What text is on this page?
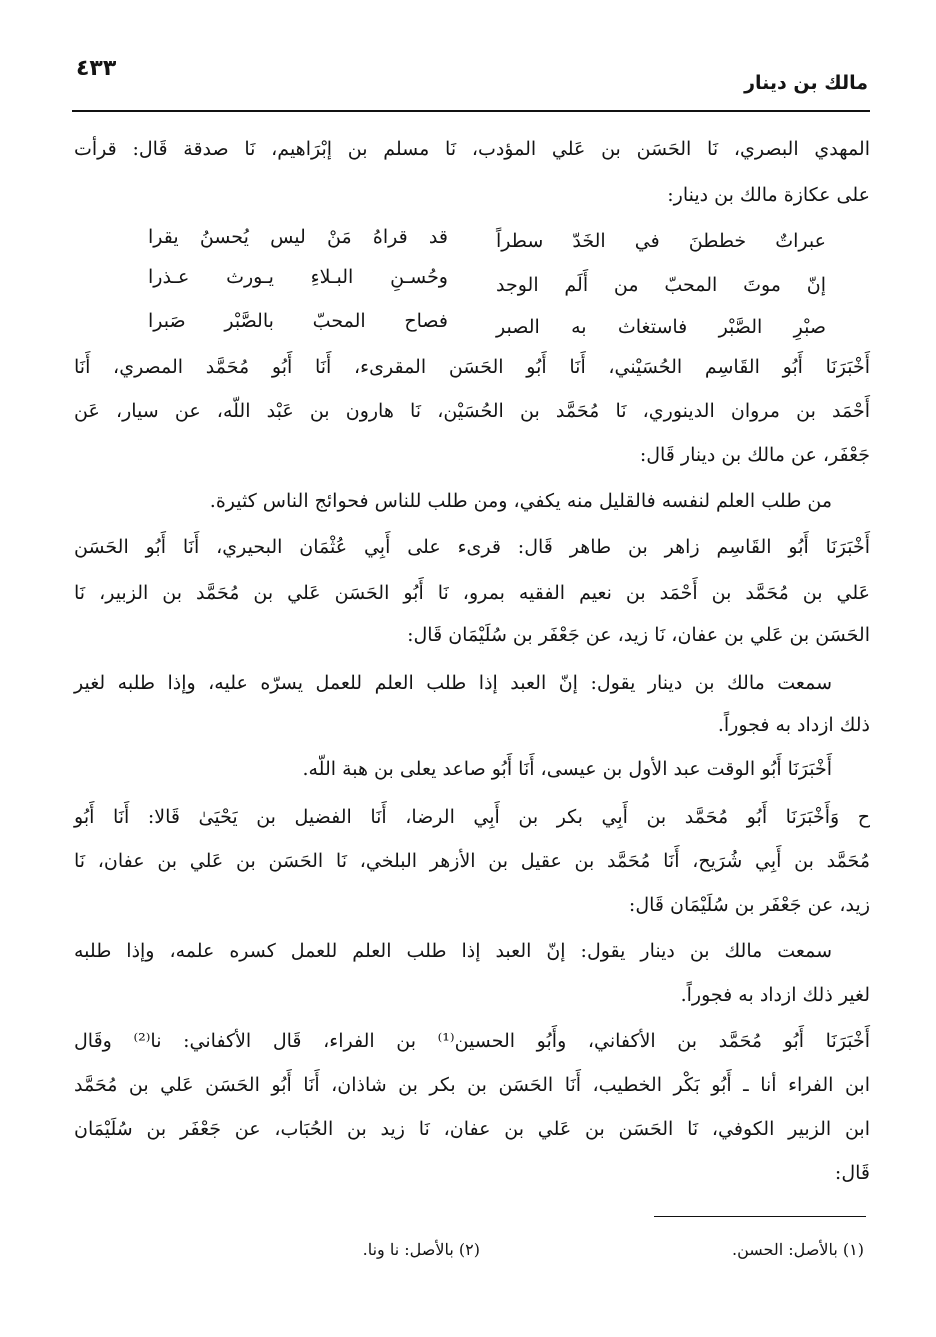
مالك بن دينار
٤٣٣
المهدي البصري، نَا الحَسَن بن عَلي المؤدب، نَا مسلم بن إبْرَاهيم، نَا صدقة قَال: قرأت
على عكازة مالك بن دينار:
عبراتٌ خططنَ في الخَدّ سطراً
قد قراهُ مَنْ ليس يُحسنُ يقرا
إنّ موتَ المحبّ من أَلَم الوجد
وحُسـنِ البـلاءِ يـورث عـذرا
صبْرِ الصَّبْر فاستغاث به الصبر
فصاح المحبّ بالصَّبْر صَبرا
أَخْبَرَنَا أَبُو القَاسِم الحُسَيْني، أَنَا أَبُو الحَسَن المقرىء، أَنَا أَبُو مُحَمَّد المصري، أَنَا
أَحْمَد بن مروان الدينوري، نَا مُحَمَّد بن الحُسَيْن، نَا هارون بن عَبْد اللّه، عن سيار، عَن
جَعْفَر، عن مالك بن دينار قَال:
من طلب العلم لنفسه فالقليل منه يكفي، ومن طلب للناس فحوائج الناس كثيرة.
أَخْبَرَنَا أَبُو القَاسِم زاهر بن طاهر قَال: قرىء على أَبِي عُثْمَان البحيري، أَنَا أَبُو الحَسَن
عَلي بن مُحَمَّد بن أَحْمَد بن نعيم الفقيه بمرو، نَا أَبُو الحَسَن عَلي بن مُحَمَّد بن الزبير، نَا
الحَسَن بن عَلي بن عفان، نَا زيد، عن جَعْفَر بن سُلَيْمَان قَال:
سمعت مالك بن دينار يقول: إنّ العبد إذا طلب العلم للعمل يسرّه عليه، وإذا طلبه لغير
ذلك ازداد به فجوراً.
أَخْبَرَنَا أَبُو الوقت عبد الأول بن عيسى، أَنَا أَبُو صاعد يعلى بن هبة اللّه.
ح وَأَخْبَرَنَا أَبُو مُحَمَّد بن أَبِي بكر بن أَبِي الرضا، أَنَا الفضيل بن يَحْيَىٰ قَالا: أَنَا أَبُو
مُحَمَّد بن أَبِي شُرَيح، أَنَا مُحَمَّد بن عقيل بن الأزهر البلخي، نَا الحَسَن بن عَلي بن عفان، نَا
زيد، عن جَعْفَر بن سُلَيْمَان قَال:
سمعت مالك بن دينار يقول: إنّ العبد إذا طلب العلم للعمل كسره علمه، وإذا طلبه
لغير ذلك ازداد به فجوراً.
أَخْبَرَنَا أَبُو مُحَمَّد بن الأكفاني، وأَبُو الحسين⁽¹⁾ بن الفراء، قَال الأكفاني: نا⁽²⁾ وقَال
ابن الفراء أنا ـ أَبُو بَكْر الخطيب، أَنَا الحَسَن بن بكر بن شاذان، أَنَا أَبُو الحَسَن عَلي بن مُحَمَّد
ابن الزبير الكوفي، نَا الحَسَن بن عَلي بن عفان، نَا زيد بن الحُبَاب، عن جَعْفَر بن سُلَيْمَان
قَال:
(١) بالأصل: الحسن.
(٢) بالأصل: نا ونا.
